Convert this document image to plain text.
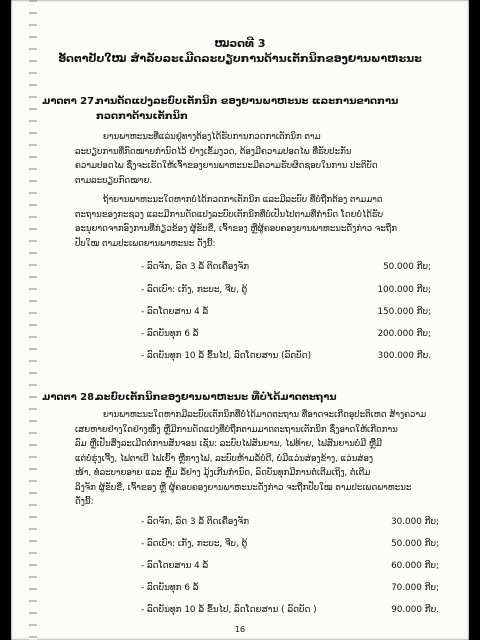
ໝວດທີ 3
ອັດຕາປັບໃໝ ສໍາລັບລະເມີດລະບຽບການດ້ານເຕັກນິກຂອງຍານພາຫະນະ
ມາດຕາ 27.ການດັດແປງລະບົບເຕັກນິກ ຂອງຍານພາຫະນະ ແລະການຂາດການ
ກວດກາດ້ານເຕັກນິກ

ຍານພາຫະນະທີ່ແລ່ນຢູ່ທາງຕ້ອງໄດ້ຮັບການກວດກາເຕັກນິກ ຕາມ

ລະບຽບການທີ່ກົດໝາຍກໍານົດໄວ້ ຢ່າງເຂັ້ມງວດ, ຕ້ອງມີຄວາມປອດໄພ ທີ່ຮັບປະກັນ

ຄວາມປອດໄພ ຊຶ່ງຈະເຮັດໃຫ້ເຈົ້າຂອງຍານພາຫະນະມີຄວາມຮັບຜິດຊອບໃນການ ປະຕິບັດ

ຕາມລະບຽບກົດໝາຍ.

ຖ້າຍານພາຫະນະໃດຫາກບໍ່ໄດ້ກວດກາເຕັກນິກ ແລະມີລະບົບ ທີ່ບໍ່ຖືກຕ້ອງ ຕາມມາດ

ຕະຖານຂອງກະຊວງ ແລະມີການດັດແປງລະບົບເຕັກນິກທີ່ບໍ່ເປັນໄປຕາມທີ່ກໍານົດ ໂດຍບໍ່ໄດ້ຮັບ

ອະນຸຍາດຈາກອົງການທີ່ກ່ຽວຂ້ອງ ຜູ້ຂັບຂີ່, ເຈົ້າຂອງ ຫຼືຜູ້ຄອບຄອງຍານພາຫະນະດັ່ງກ່າວ ຈະຖືກ

ປັບໃໝ ຕາມປະເພດຍານພາຫະນະ ດັ່ງນີ້:

- ລົດຈັກ, ລົດ 3 ລໍ້ ຕິດເຄື່ອງຈັກ	50.000 ກີບ;
- ລົດເບົາ: ເກັງ, ກະບະ, ຈີບ, ຕູ້	100.000 ກີບ;
- ລົດໂດຍສານ 4 ລໍ້	150.000 ກີບ;
- ລົດບັນທຸກ 6 ລໍ້	200.000 ກີບ;
- ລົດບັນທຸກ 10 ລໍ້ ຂຶ້ນໄປ, ລົດໂດຍສານ (ລົດບັດ)	300.000 ກີບ.
ມາດຕາ 28.ລະບົບເຕັກນິກຂອງຍານພາຫະນະ ທີ່ບໍ່ໄດ້ມາດຕະຖານ

ຍານພາຫະນະໃດຫາກມີລະບົບເຕັກນິກທີ່ບໍ່ໄດ້ມາດຕະຖານ ທີ່ອາດຈະເກີດອຸປະຕິເຫດ ສ້າງຄວາມ

ເສຍຫາຍຢ່າງໃດຢ່າງໜຶ່ງ ຫຼືມີການດັດແປງທີ່ບໍ່ຖືກຕາມມາດຕະຖານເຕັກນິກ ຊຶ່ງອາດໃຫ້ເກີດການ

ລົມ ຫຼືເປັນສິ່ງລະເມີດຕໍ່ການສັນຈອນ ເຊັ່ນ: ລະບົບໄຟສັນຍານ, ໄຟທ້າຍ, ໄຟສັນຍານບໍ່ມີ ຫຼືມີ

ແຕ່ບໍ່ຮຸ່ງເຈີ້ງ, ໄຟຕາເບີ ໄຟເຍົ້າ ຫຼືກາງໄຟ, ລະບົບຫ້າມລໍ້ບໍ່ດີ, ບໍ່ມີແວ່ນສ່ອງຂ້າງ, ແວ່ນສ່ອງ

ໜ້າ, ທໍ່ລະບາຍອາຍ ແລະ ຫຼົ້ມ ລໍ້ຢາງ ມຸ້ງເກີນກໍານົດ, ລົດບັນທຸກມີການຕໍ່ເຕີມເຖິງ, ຕໍ່ເຕີມ

ລິງຈັກ ຜູ້ຂັບຂີ່, ເຈົ້າຂອງ ຫຼື ຜູ້ຄອບຄອງຍານພາຫະນະດັ່ງກ່າວ ຈະຖືກປັບໃໝ ຕາມປະເພດພາຫະນະ

ດັ່ງນີ້:

- ລົດຈັກ, ລົດ 3 ລໍ້ ຕິດເຄື່ອງຈັກ	30.000 ກີບ;
- ລົດເບົາ: ເກັງ, ກະບະ, ຈີບ, ຕູ້	50.000 ກີບ;
- ລົດໂດຍສານ 4 ລໍ້	60.000 ກີບ;
- ລົດບັນທຸກ 6 ລໍ້	70.000 ກີບ;
- ລົດບັນທຸກ 10 ລໍ້ ຂຶ້ນໄປ, ລົດໂດຍສານ ( ລົດບັດ )	90.000 ກີບ.
16
